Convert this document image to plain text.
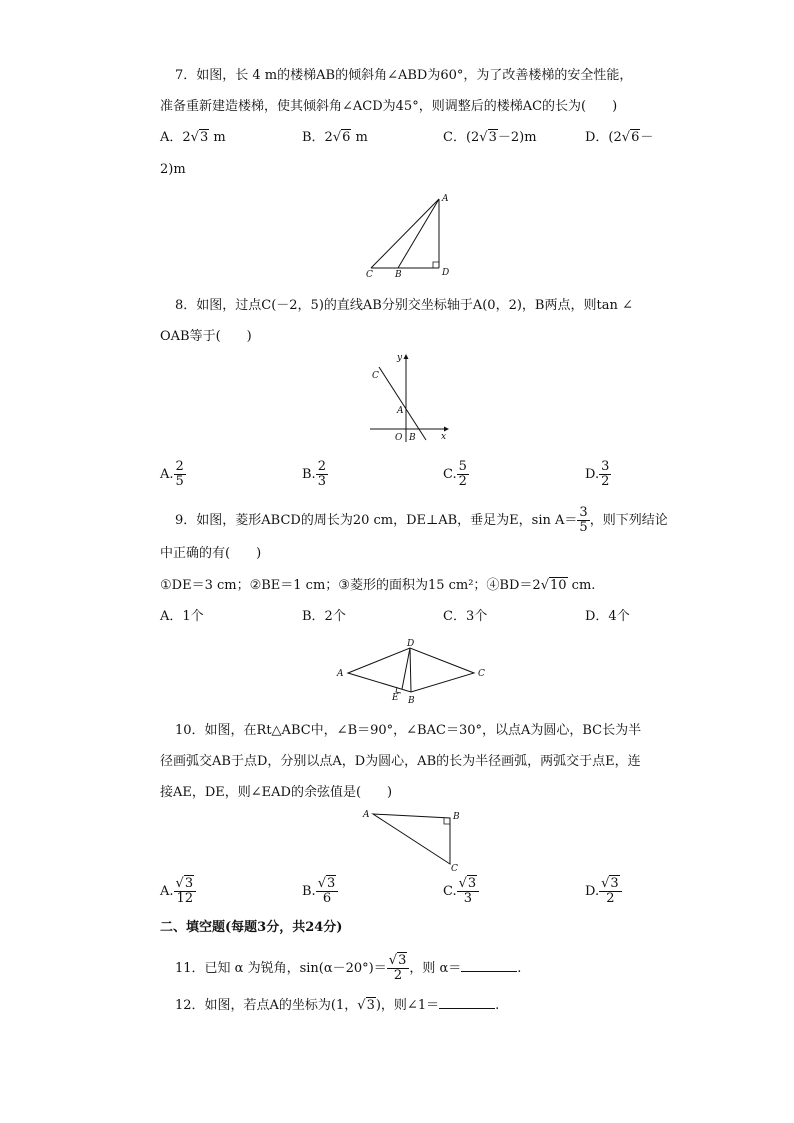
7．如图，长 4 m的楼梯AB的倾斜角∠ABD为60°，为了改善楼梯的安全性能，
准备重新建造楼梯，使其倾斜角∠ACD为45°，则调整后的楼梯AC的长为(　　)
A．2√3 m	B．2√6 m	C．(2√3－2)m	D．(2√6－
2)m
A
C B	D
8．如图，过点C(－2，5)的直线AB分别交坐标轴于A(0，2)，B两点，则tan ∠
OAB等于(　　)
y
x
C
A
O B
A. $\frac{2}{5}$	B. $\frac{2}{3}$	C. $\frac{5}{2}$	D. $\frac{3}{2}$
9．如图，菱形ABCD的周长为20 cm，DE⊥AB，垂足为E，$\sin A= \frac{3}{5}$ ，则下列结论
中正确的有(　　)
①DE＝3 cm；②BE＝1 cm；③菱形的面积为15 cm²；④BD＝2√10 cm.
A．1个	B．2个	C．3个	D．4个
A
D
C
B
E
10．如图，在Rt△ABC中，∠B＝90°，∠BAC＝30°，以点A为圆心，BC长为半
径画弧交AB于点D，分别以点A，D为圆心，AB的长为半径画弧，两弧交于点E，连
接AE，DE，则∠EAD的余弦值是(　　)
A	B
C
A. $\frac{√3}{12}$	B. $\frac{√3}{6}$	C. $\frac{√3}{3}$	D. $\frac{√3}{2}$
二、填空题(每题3分，共24分)
11．已知 α 为锐角，$\sin(\alpha-20^\circ)= \frac{√3}{2}$ ，则 α＝	.
12．如图，若点A的坐标为(1，√3)，则∠1＝	.
